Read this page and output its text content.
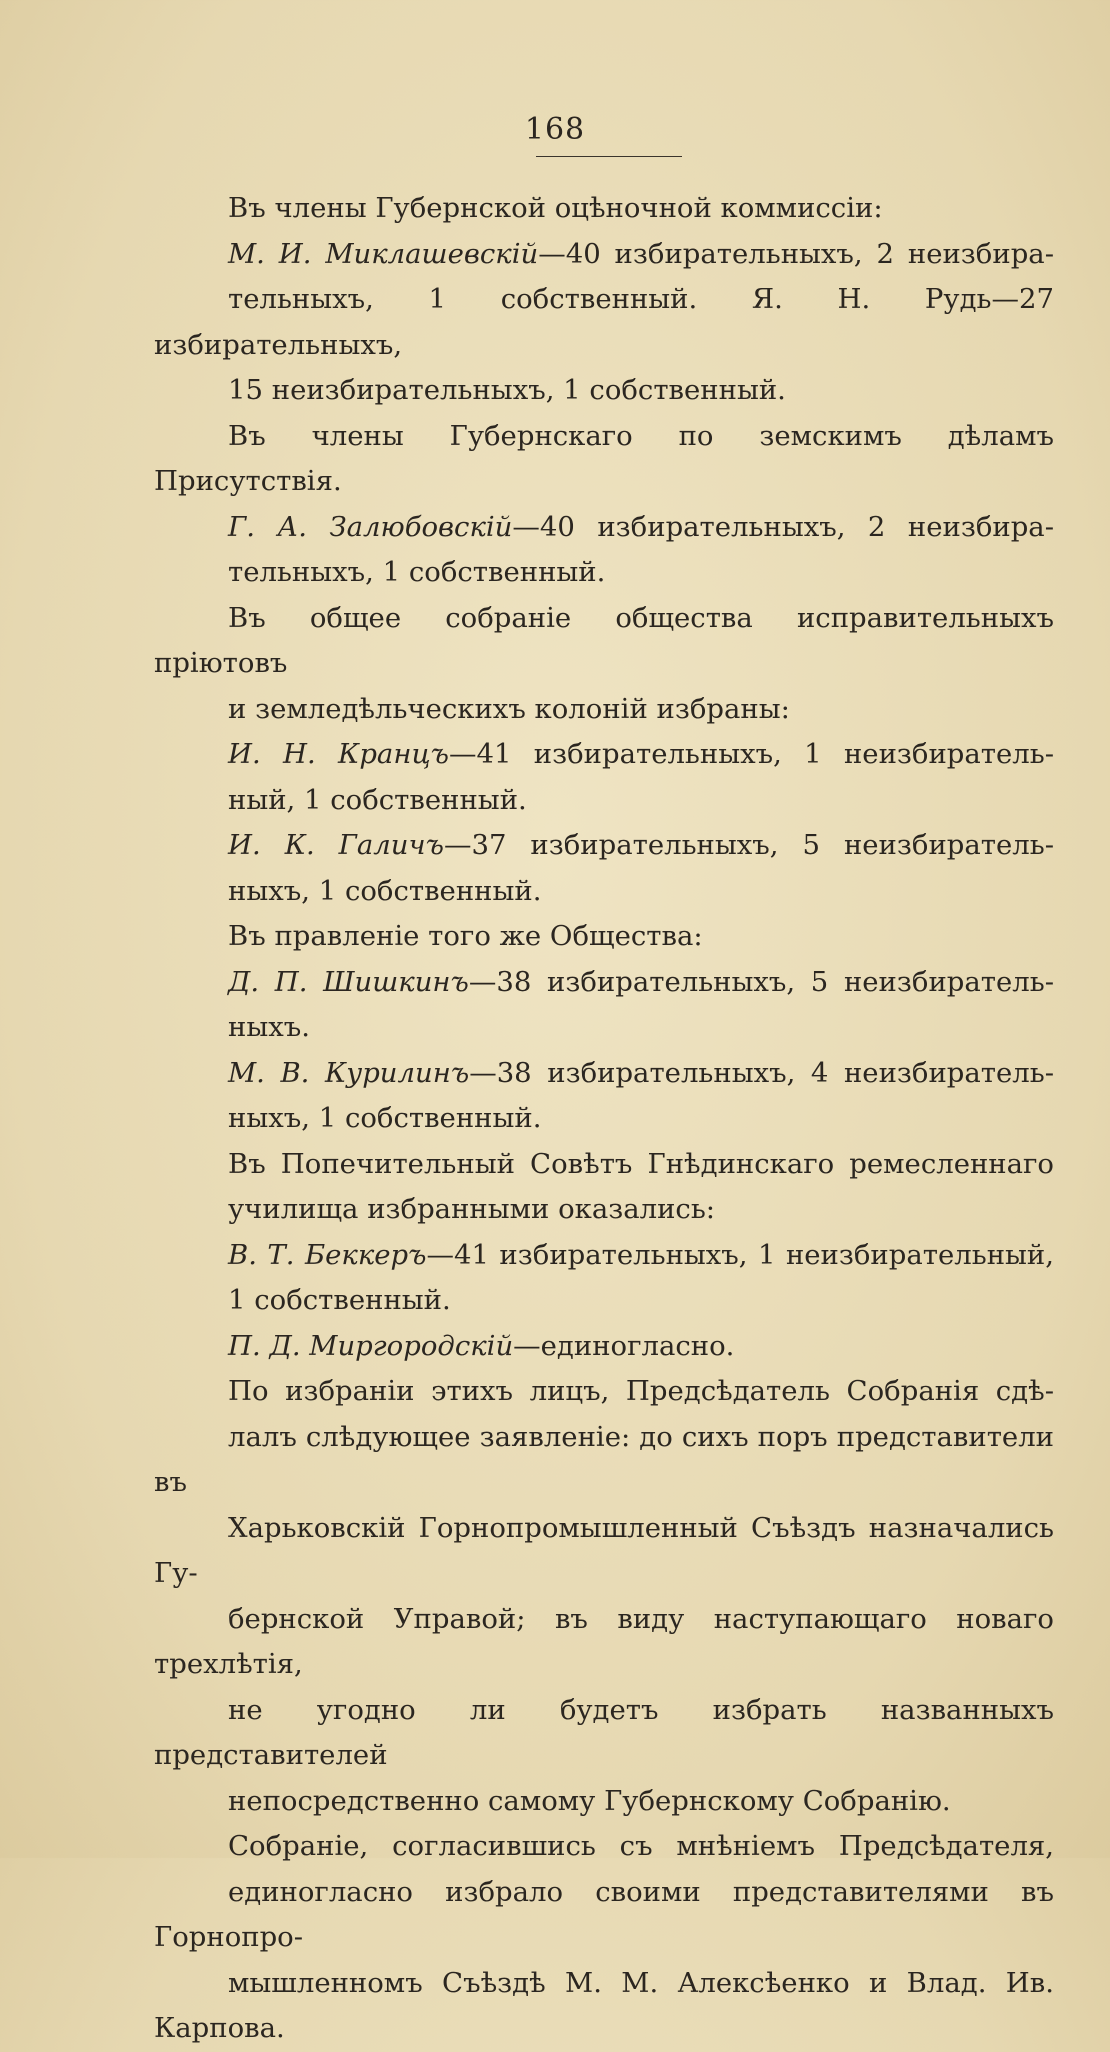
168

Въ члены Губернской оцѣночной коммиссіи:

М. И. Миклашевскій—40 избирательныхъ, 2 неизбира-
тельныхъ, 1 собственный. Я. Н. Рудь—27 избирательныхъ,
15 неизбирательныхъ, 1 собственный.

Въ члены Губернскаго по земскимъ дѣламъ Присутствія.

Г. А. Залюбовскій—40 избирательныхъ, 2 неизбира-
тельныхъ, 1 собственный.

Въ общее собраніе общества исправительныхъ пріютовъ
и земледѣльческихъ колоній избраны:

И. Н. Кранцъ—41 избирательныхъ, 1 неизбиратель-
ный, 1 собственный.

И. К. Галичъ—37 избирательныхъ, 5 неизбиратель-
ныхъ, 1 собственный.

Въ правленіе того же Общества:

Д. П. Шишкинъ—38 избирательныхъ, 5 неизбиратель-
ныхъ.

М. В. Курилинъ—38 избирательныхъ, 4 неизбиратель-
ныхъ, 1 собственный.

Въ Попечительный Совѣтъ Гнѣдинскаго ремесленнаго
училища избранными оказались:

В. Т. Беккеръ—41 избирательныхъ, 1 неизбирательный,
1 собственный.

П. Д. Миргородскій—единогласно.

По избраніи этихъ лицъ, Предсѣдатель Собранія сдѣ-
лалъ слѣдующее заявленіе: до сихъ поръ представители въ
Харьковскій Горнопромышленный Съѣздъ назначались Гу-
бернской Управой; въ виду наступающаго новаго трехлѣтія,
не угодно ли будетъ избрать названныхъ представителей
непосредственно самому Губернскому Собранію.

Собраніе, согласившись съ мнѣніемъ Предсѣдателя,
единогласно избрало своими представителями въ Горнопро-
мышленномъ Съѣздѣ М. М. Алексѣенко и Влад. Ив. Карпова.
